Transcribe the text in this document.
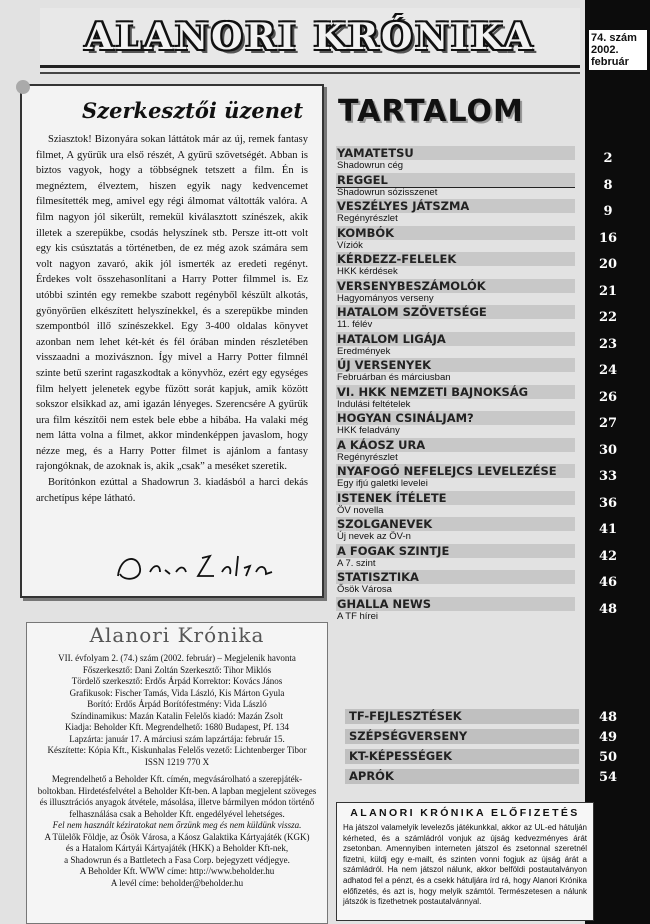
ALANORI KRÓNIKA	74. szám
2002.
február
Szerkesztői üzenet

Sziasztok! Bizonyára sokan láttátok már az új, remek fantasy filmet, A gyűrűk ura első részét, A gyűrű szövetségét. Abban is biztos vagyok, hogy a többségnek tetszett a film. Én is megnéztem, élveztem, hiszen egyik nagy kedvencemet filmesítették meg, amivel egy régi álmomat váltották valóra. A film nagyon jól sikerült, remekül kiválasztott színészek, akik illetek a szerepükbe, csodás helyszínek stb. Persze itt-ott volt egy kis csúsztatás a történetben, de ez még azok számára sem volt nagyon zavaró, akik jól ismerték az eredeti regényt. Érdekes volt összehasonlítani a Harry Potter filmmel is. Ez utóbbi szintén egy remekbe szabott regényből készült alkotás, gyönyörűen elkészített helyszínekkel, és a szerepükbe minden szempontból illő színészekkel. Egy 3-400 oldalas könyvet azonban nem lehet két-két és fél órában minden részletében visszaadni a mozivásznon. Így mivel a Harry Potter filmnél szinte betű szerint ragaszkodtak a könyvhöz, ezért egy egységes film helyett jelenetek egybe fűzött sorát kapjuk, amik között sokszor elsikkad az, ami igazán lényeges. Szerencsére A gyűrűk ura film készítői nem estek bele ebbe a hibába. Ha valaki még nem látta volna a filmet, akkor mindenképpen javaslom, hogy nézze meg, és a Harry Potter filmet is ajánlom a fantasy rajongóknak, de azoknak is, akik „csak” a meséket szeretik.

Borítónkon ezúttal a Shadowrun 3. kiadásból a harci dekás archetípus képe látható.

Alanori Krónika
VII. évfolyam 2. (74.) szám (2002. február) – Megjelenik havonta
Főszerkesztő: Dani Zoltán Szerkesztő: Tihor Miklós
Tördelő szerkesztő: Erdős Árpád Korrektor: Kovács János
Grafikusok: Fischer Tamás, Vida László, Kis Márton Gyula
Borító: Erdős Árpád Borítófestmény: Vida László
Színdinamikus: Mazán Katalin Felelős kiadó: Mazán Zsolt
Kiadja: Beholder Kft. Megrendelhető: 1680 Budapest, Pf. 134
Lapzárta: január 17. A márciusi szám lapzártája: február 15.
Készítette: Kópia Kft., Kiskunhalas Felelős vezető: Lichtenberger Tibor
ISSN 1219 770 X
Megrendelhető a Beholder Kft. címén, megvásárolható a szerepjáték-
boltokban. Hirdetésfelvétel a Beholder Kft-ben. A lapban megjelent szöveges
és illusztrációs anyagok átvétele, másolása, illetve bármilyen módon történő
felhasználása csak a Beholder Kft. engedélyével lehetséges.
Fel nem használt kéziratokat nem őrzünk meg és nem küldünk vissza.
A Tülelők Földje, az Ősök Városa, a Káosz Galaktika Kártyajáték (KGK)
és a Hatalom Kártyái Kártyajáték (HKK) a Beholder Kft-nek,
a Shadowrun és a Battletech a Fasa Corp. bejegyzett védjegye.
A Beholder Kft. WWW címe: http://www.beholder.hu
A levél címe: beholder@beholder.hu
TARTALOM
YAMATETSU
Shadowrun cég	2
REGGEL
Shadowrun sózisszenet	8
VESZÉLYES JÁTSZMA
Regényrészlet	9
KOMBÓK
Víziók	16
KÉRDEZZ-FELELEK
HKK kérdések	20
VERSENYBESZÁMOLÓK
Hagyományos verseny	21
HATALOM SZÖVETSÉGE
11. félév	22
HATALOM LIGÁJA
Eredmények	23
ÚJ VERSENYEK
Februárban és márciusban	24
VI. HKK NEMZETI BAJNOKSÁG
Indulási feltételek	26
HOGYAN CSINÁLJAM?
HKK feladvány	27
A KÁOSZ URA
Regényrészlet	30
NYAFOGÓ NEFELEJCS LEVELEZÉSE
Egy ifjú galetki levelei	33
ISTENEK ÍTÉLETE
ÖV novella	36
SZOLGANEVEK
Új nevek az ÖV-n	41
A FOGAK SZINTJE
A 7. szint	42
STATISZTIKA
Ősök Városa	46
GHALLA NEWS
A TF hírei	48
TF-FEJLESZTÉSEK	48
SZÉPSÉGVERSENY	49
KT-KÉPESSÉGEK	50
APRÓK	54
ALANORI KRÓNIKA ELŐFIZETÉS
Ha játszol valamelyik levelezős játékunkkal, akkor az UL-ed hátulján kérheted, és a számládról vonjuk az újság kedvezményes árát zsetonban. Amennyiben interneten játszol és zsetonnal szeretnél fizetni, küldj egy e-mailt, és szinten vonni fogjuk az újság árát a számládról. Ha nem játszol nálunk, akkor belföldi postautalványon adhatod fel a pénzt, és a csekk hátuljára írd rá, hogy Alanori Krónika előfizetés, és azt is, hogy melyik számtól. Természetesen a nálunk játszók is fizethetnek postautalvánnyal.
